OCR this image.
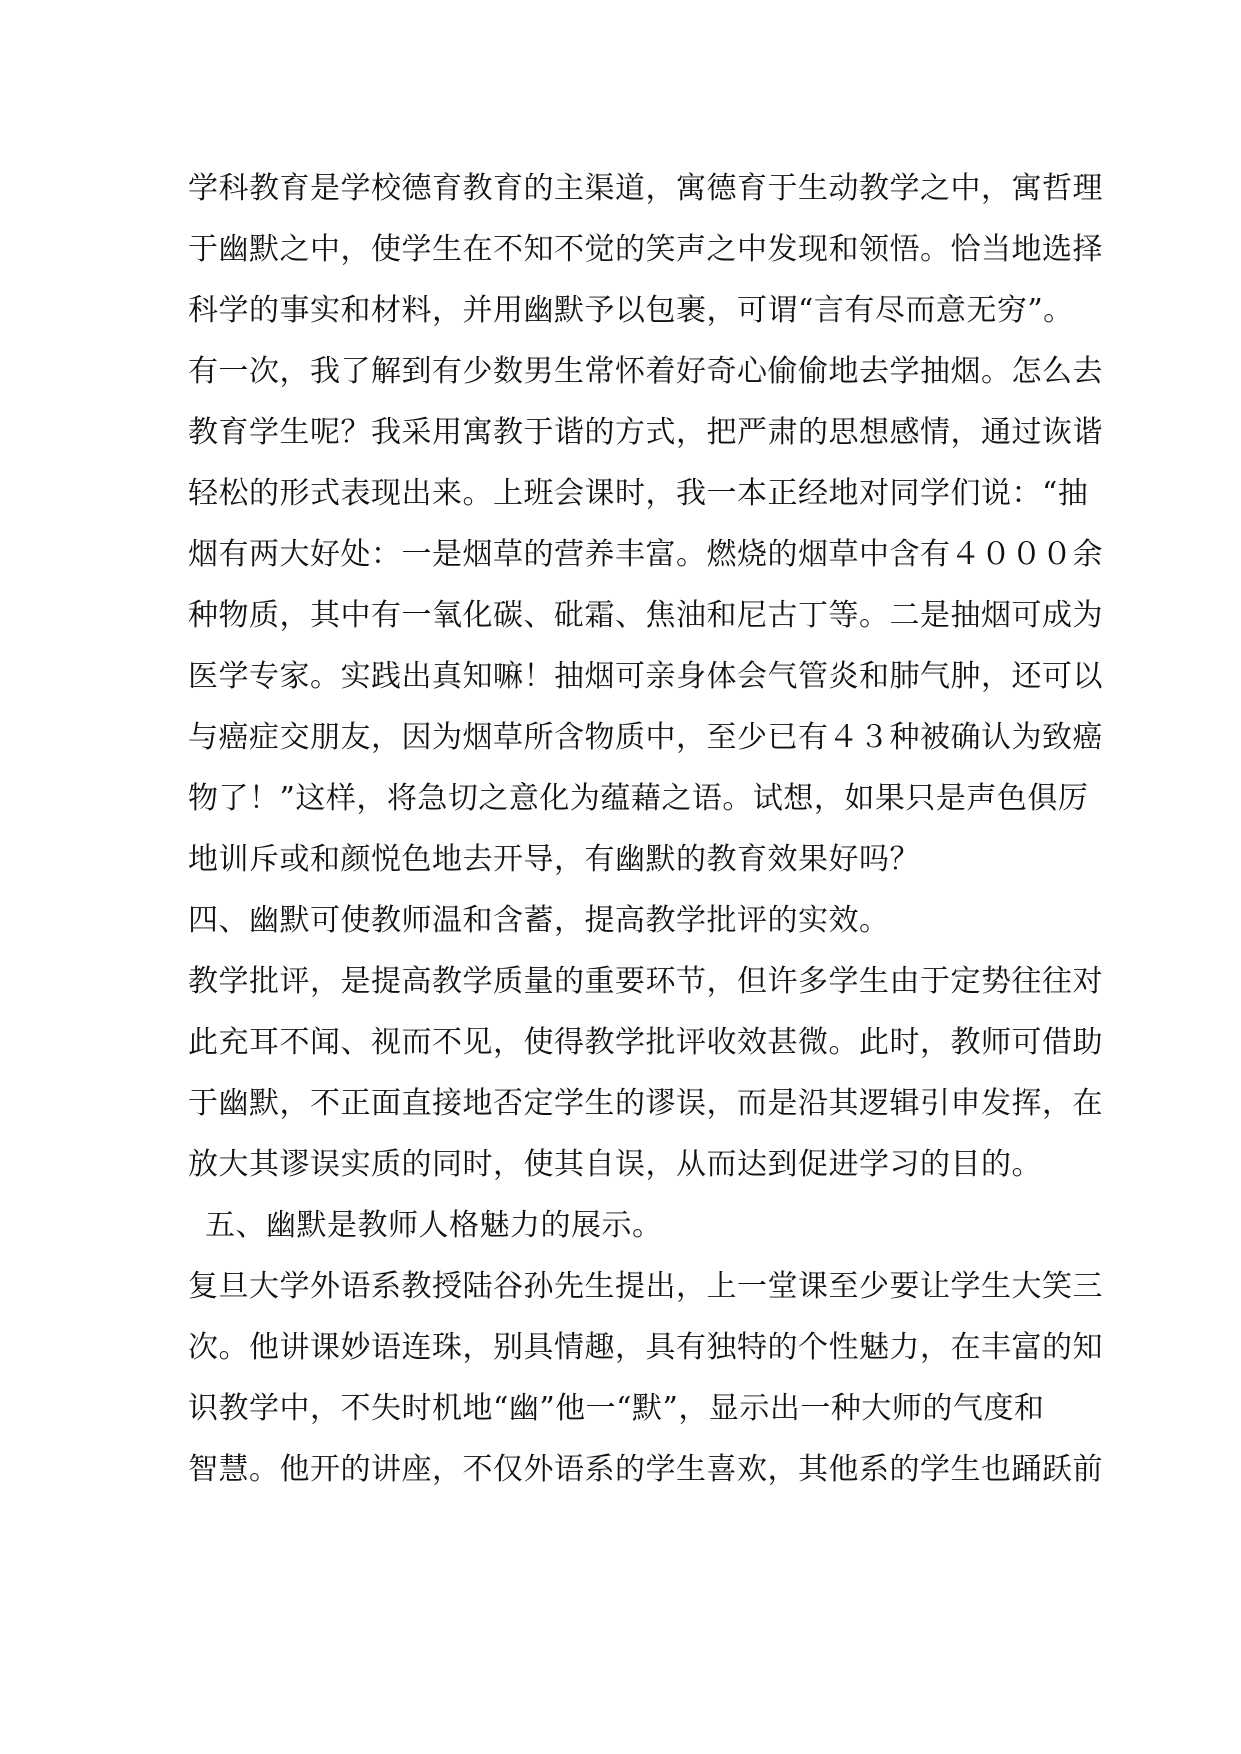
学科教育是学校德育教育的主渠道，寓德育于生动教学之中，寓哲理
于幽默之中，使学生在不知不觉的笑声之中发现和领悟。恰当地选择
科学的事实和材料，并用幽默予以包裹，可谓“言有尽而意无穷”。
有一次，我了解到有少数男生常怀着好奇心偷偷地去学抽烟。怎么去
教育学生呢？我采用寓教于谐的方式，把严肃的思想感情，通过诙谐
轻松的形式表现出来。上班会课时，我一本正经地对同学们说：“抽
烟有两大好处：一是烟草的营养丰富。燃烧的烟草中含有４０００余
种物质，其中有一氧化碳、砒霜、焦油和尼古丁等。二是抽烟可成为
医学专家。实践出真知嘛！抽烟可亲身体会气管炎和肺气肿，还可以
与癌症交朋友，因为烟草所含物质中，至少已有４３种被确认为致癌
物了！”这样，将急切之意化为蕴藉之语。试想，如果只是声色俱厉
地训斥或和颜悦色地去开导，有幽默的教育效果好吗？
四、幽默可使教师温和含蓄，提高教学批评的实效。
教学批评，是提高教学质量的重要环节，但许多学生由于定势往往对
此充耳不闻、视而不见，使得教学批评收效甚微。此时，教师可借助
于幽默，不正面直接地否定学生的谬误，而是沿其逻辑引申发挥，在
放大其谬误实质的同时，使其自误，从而达到促进学习的目的。
五、幽默是教师人格魅力的展示。
复旦大学外语系教授陆谷孙先生提出，上一堂课至少要让学生大笑三
次。他讲课妙语连珠，别具情趣，具有独特的个性魅力，在丰富的知
识教学中，不失时机地“幽”他一“默”，显示出一种大师的气度和
智慧。他开的讲座，不仅外语系的学生喜欢，其他系的学生也踊跃前
